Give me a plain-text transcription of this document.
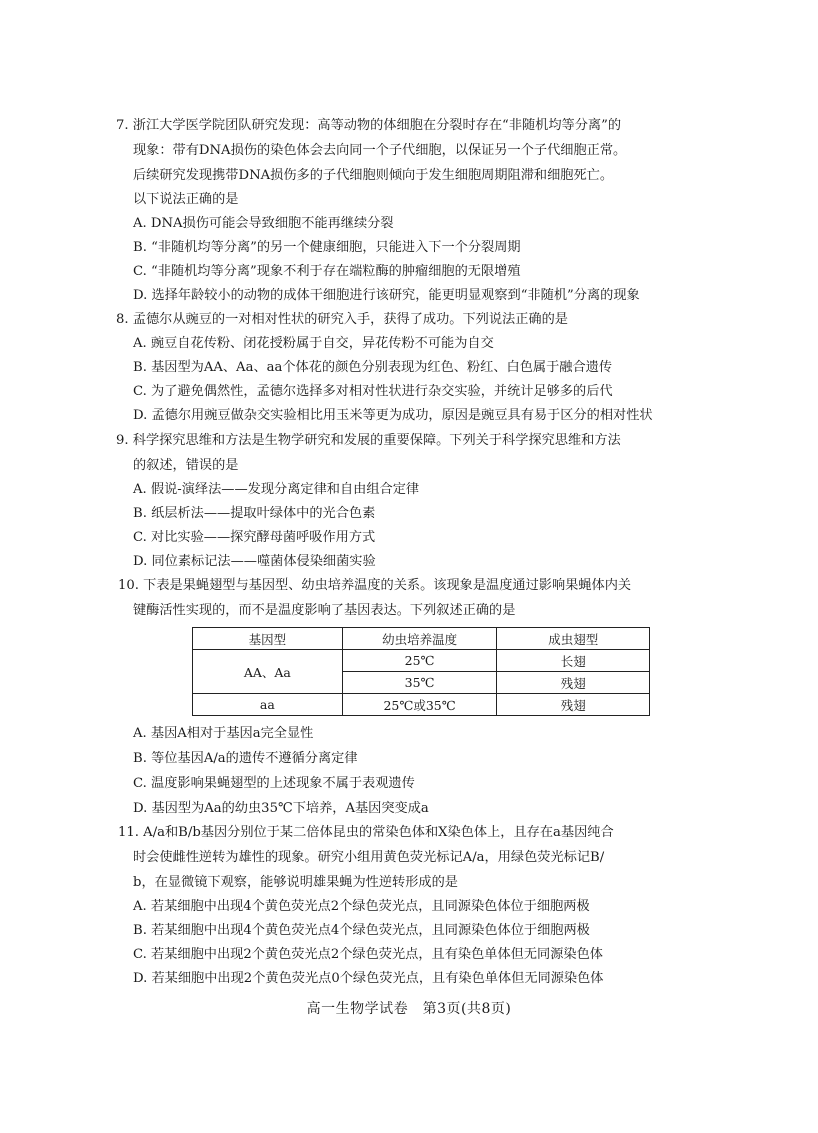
7. 浙江大学医学院团队研究发现：高等动物的体细胞在分裂时存在“非随机均等分离”的
现象：带有DNA损伤的染色体会去向同一个子代细胞，以保证另一个子代细胞正常。
后续研究发现携带DNA损伤多的子代细胞则倾向于发生细胞周期阻滞和细胞死亡。
以下说法正确的是
A. DNA损伤可能会导致细胞不能再继续分裂
B. “非随机均等分离”的另一个健康细胞，只能进入下一个分裂周期
C. “非随机均等分离”现象不利于存在端粒酶的肿瘤细胞的无限增殖
D. 选择年龄较小的动物的成体干细胞进行该研究，能更明显观察到“非随机”分离的现象
8. 孟德尔从豌豆的一对相对性状的研究入手，获得了成功。下列说法正确的是
A. 豌豆自花传粉、闭花授粉属于自交，异花传粉不可能为自交
B. 基因型为AA、Aa、aa个体花的颜色分别表现为红色、粉红、白色属于融合遗传
C. 为了避免偶然性，孟德尔选择多对相对性状进行杂交实验，并统计足够多的后代
D. 孟德尔用豌豆做杂交实验相比用玉米等更为成功，原因是豌豆具有易于区分的相对性状
9. 科学探究思维和方法是生物学研究和发展的重要保障。下列关于科学探究思维和方法
的叙述，错误的是
A. 假说-演绎法——发现分离定律和自由组合定律
B. 纸层析法——提取叶绿体中的光合色素
C. 对比实验——探究酵母菌呼吸作用方式
D. 同位素标记法——噬菌体侵染细菌实验
10. 下表是果蝇翅型与基因型、幼虫培养温度的关系。该现象是温度通过影响果蝇体内关
键酶活性实现的，而不是温度影响了基因表达。下列叙述正确的是
基因型	幼虫培养温度	成虫翅型
AA、Aa	25℃	长翅
	35℃	残翅
aa	25℃或35℃	残翅
A. 基因A相对于基因a完全显性
B. 等位基因A/a的遗传不遵循分离定律
C. 温度影响果蝇翅型的上述现象不属于表观遗传
D. 基因型为Aa的幼虫35℃下培养，A基因突变成a
11. A/a和B/b基因分别位于某二倍体昆虫的常染色体和X染色体上，且存在a基因纯合
时会使雌性逆转为雄性的现象。研究小组用黄色荧光标记A/a，用绿色荧光标记B/
b，在显微镜下观察，能够说明雄果蝇为性逆转形成的是
A. 若某细胞中出现4个黄色荧光点2个绿色荧光点，且同源染色体位于细胞两极
B. 若某细胞中出现4个黄色荧光点4个绿色荧光点，且同源染色体位于细胞两极
C. 若某细胞中出现2个黄色荧光点2个绿色荧光点，且有染色单体但无同源染色体
D. 若某细胞中出现2个黄色荧光点0个绿色荧光点，且有染色单体但无同源染色体
高一生物学试卷　第3页(共8页)
